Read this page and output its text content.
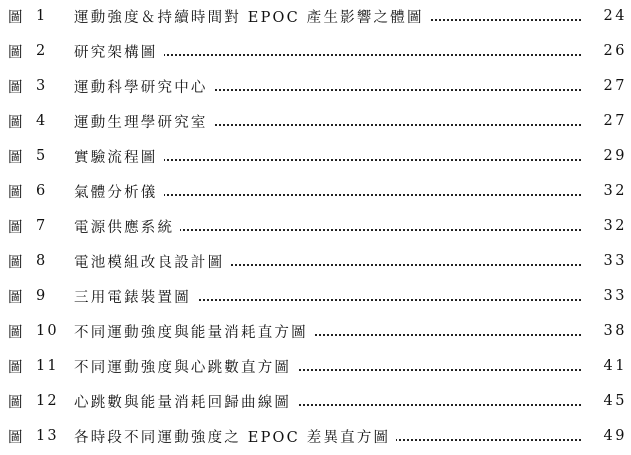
圖 1	運動強度＆持續時間對 EPOC 產生影響之體圖	24
圖 2	研究架構圖	26
圖 3	運動科學研究中心	27
圖 4	運動生理學研究室	27
圖 5	實驗流程圖	29
圖 6	氣體分析儀	32
圖 7	電源供應系統	32
圖 8	電池模組改良設計圖	33
圖 9	三用電錶裝置圖	33
圖 10	不同運動強度與能量消耗直方圖	38
圖 11	不同運動強度與心跳數直方圖	41
圖 12	心跳數與能量消耗回歸曲線圖	45
圖 13	各時段不同運動強度之 EPOC 差異直方圖	49
